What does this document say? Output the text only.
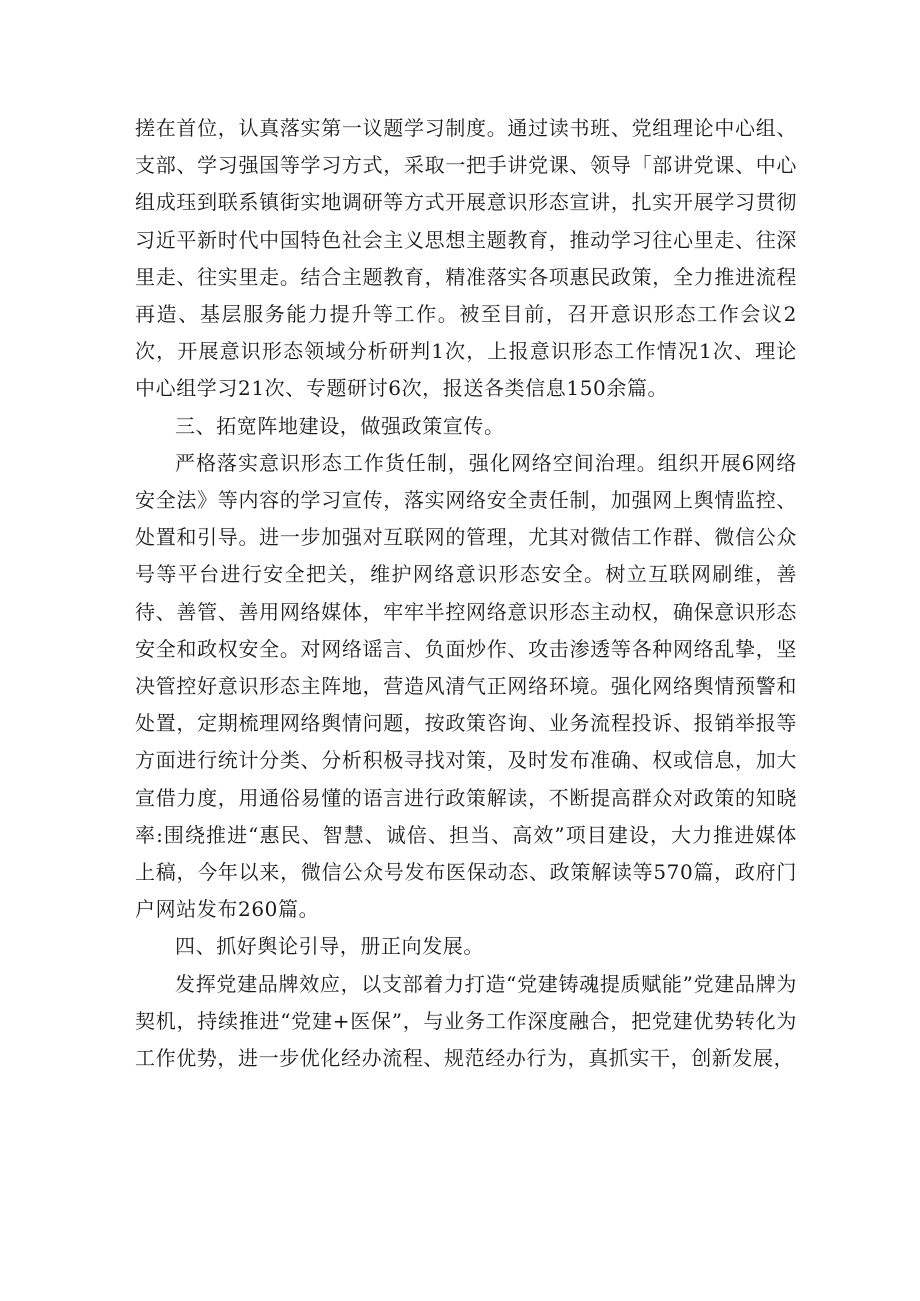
搓在首位，认真落实第一议题学习制度。通过读书班、党组理论中心组、支部、学习强国等学习方式，采取一把手讲党课、领导「部讲党课、中心组成珏到联系镇街实地调研等方式开展意识形态宣讲，扎实开展学习贯彻习近平新时代中国特色社会主义思想主题教育，推动学习往心里走、往深里走、往实里走。结合主题教育，精准落实各项惠民政策，全力推进流程再造、基层服务能力提升等工作。被至目前，召开意识形态工作会议2次，开展意识形态领域分析研判1次，上报意识形态工作情况1次、理论中心组学习21次、专题研讨6次，报送各类信息150余篇。

三、拓宽阵地建设，做强政策宣传。

严格落实意识形态工作货任制，强化网络空间治理。组织开展6网络安全法》等内容的学习宣传，落实网络安全责任制，加强网上舆情监控、处置和引导。进一步加强对互联网的管理，尤其对微佶工作群、微信公众号等平台进行安全把关，维护网络意识形态安全。树立互联网刷维，善待、善管、善用网络媒体，牢牢半控网络意识形态主动权，确保意识形态安全和政权安全。对网络谣言、负面炒作、攻击渗透等各种网络乱挚，坚决管控好意识形态主阵地，营造风清气正网络环境。强化网络舆情预警和处置，定期梳理网络舆情问题，按政策咨询、业务流程投诉、报销举报等方面进行统计分类、分析积极寻找对策，及时发布准确、权或信息，加大宣借力度，用通俗易懂的语言进行政策解读，不断提高群众对政策的知晓率:围绕推进“惠民、智慧、诚倍、担当、高效”项目建设，大力推进媒体上稿，今年以来，微信公众号发布医保动态、政策解读等570篇，政府门户网站发布260篇。

四、抓好舆论引导，册正向发展。

发挥党建品牌效应，以支部着力打造“党建铸魂提质赋能”党建品牌为契机，持续推进“党建+医保”，与业务工作深度融合，把党建优势转化为工作优势，进一步优化经办流程、规范经办行为，真抓实干，创新发展，
